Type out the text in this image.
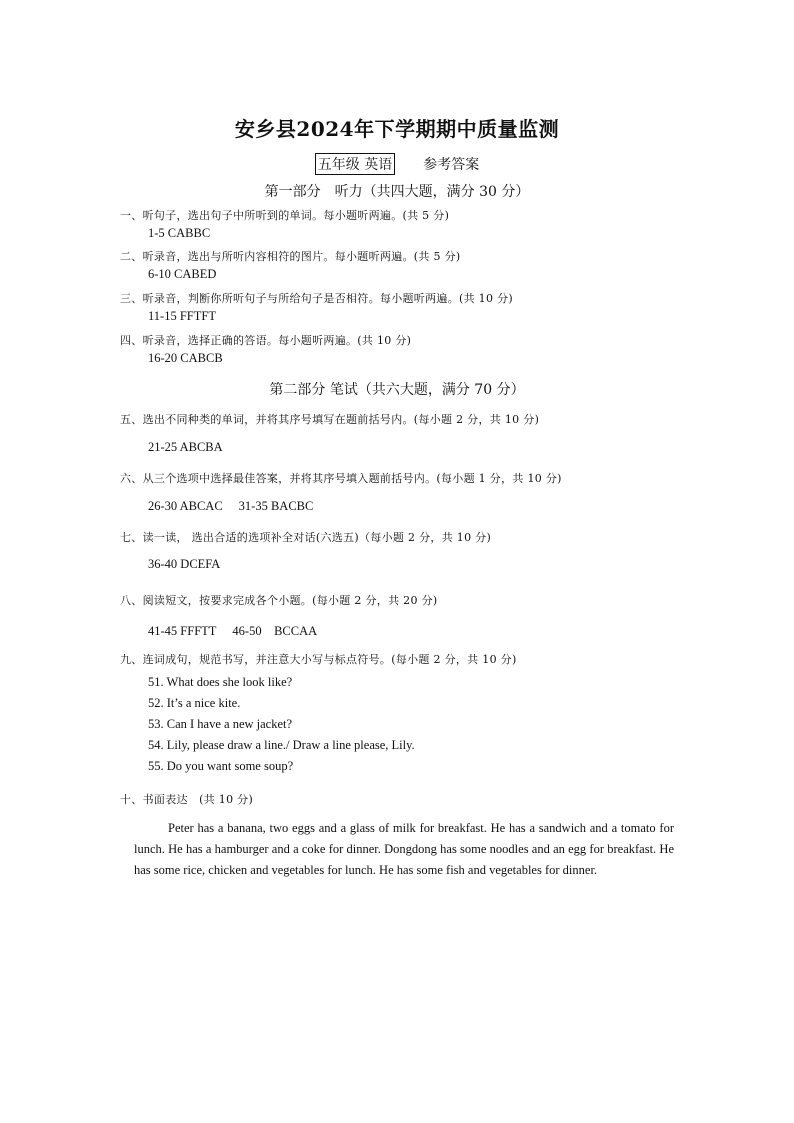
安乡县2024年下学期期中质量监测
五年级 英语 参考答案
第一部分　听力（共四大题，满分 30 分）
一、听句子，选出句子中所听到的单词。每小题听两遍。(共 5 分)
1-5 CABBC
二、听录音，选出与所听内容相符的图片。每小题听两遍。(共 5 分)
6-10 CABED
三、听录音，判断你所听句子与所给句子是否相符。每小题听两遍。(共 10 分)
11-15 FFTFT
四、听录音，选择正确的答语。每小题听两遍。(共 10 分)
16-20 CABCB
第二部分 笔试（共六大题，满分 70 分）
五、选出不同种类的单词，并将其序号填写在题前括号内。(每小题 2 分，共 10 分)
21-25 ABCBA
六、从三个选项中选择最佳答案，并将其序号填入题前括号内。(每小题 1 分，共 10 分)
26-30 ABCAC 31-35 BACBC
七、读一读， 选出合适的选项补全对话(六选五)（每小题 2 分，共 10 分)
36-40 DCEFA
八、阅读短文，按要求完成各个小题。(每小题 2 分，共 20 分)
41-45 FFFTT 46-50　BCCAA
九、连词成句，规范书写，并注意大小写与标点符号。(每小题 2 分，共 10 分)
51. What does she look like?
52. It’s a nice kite.
53. Can I have a new jacket?
54. Lily, please draw a line./ Draw a line please, Lily.
55. Do you want some soup?
十、书面表达　(共 10 分)
Peter has a banana, two eggs and a glass of milk for breakfast. He has a sandwich and a tomato for lunch. He has a hamburger and a coke for dinner. Dongdong has some noodles and an egg for breakfast. He has some rice, chicken and vegetables for lunch. He has some fish and vegetables for dinner.
